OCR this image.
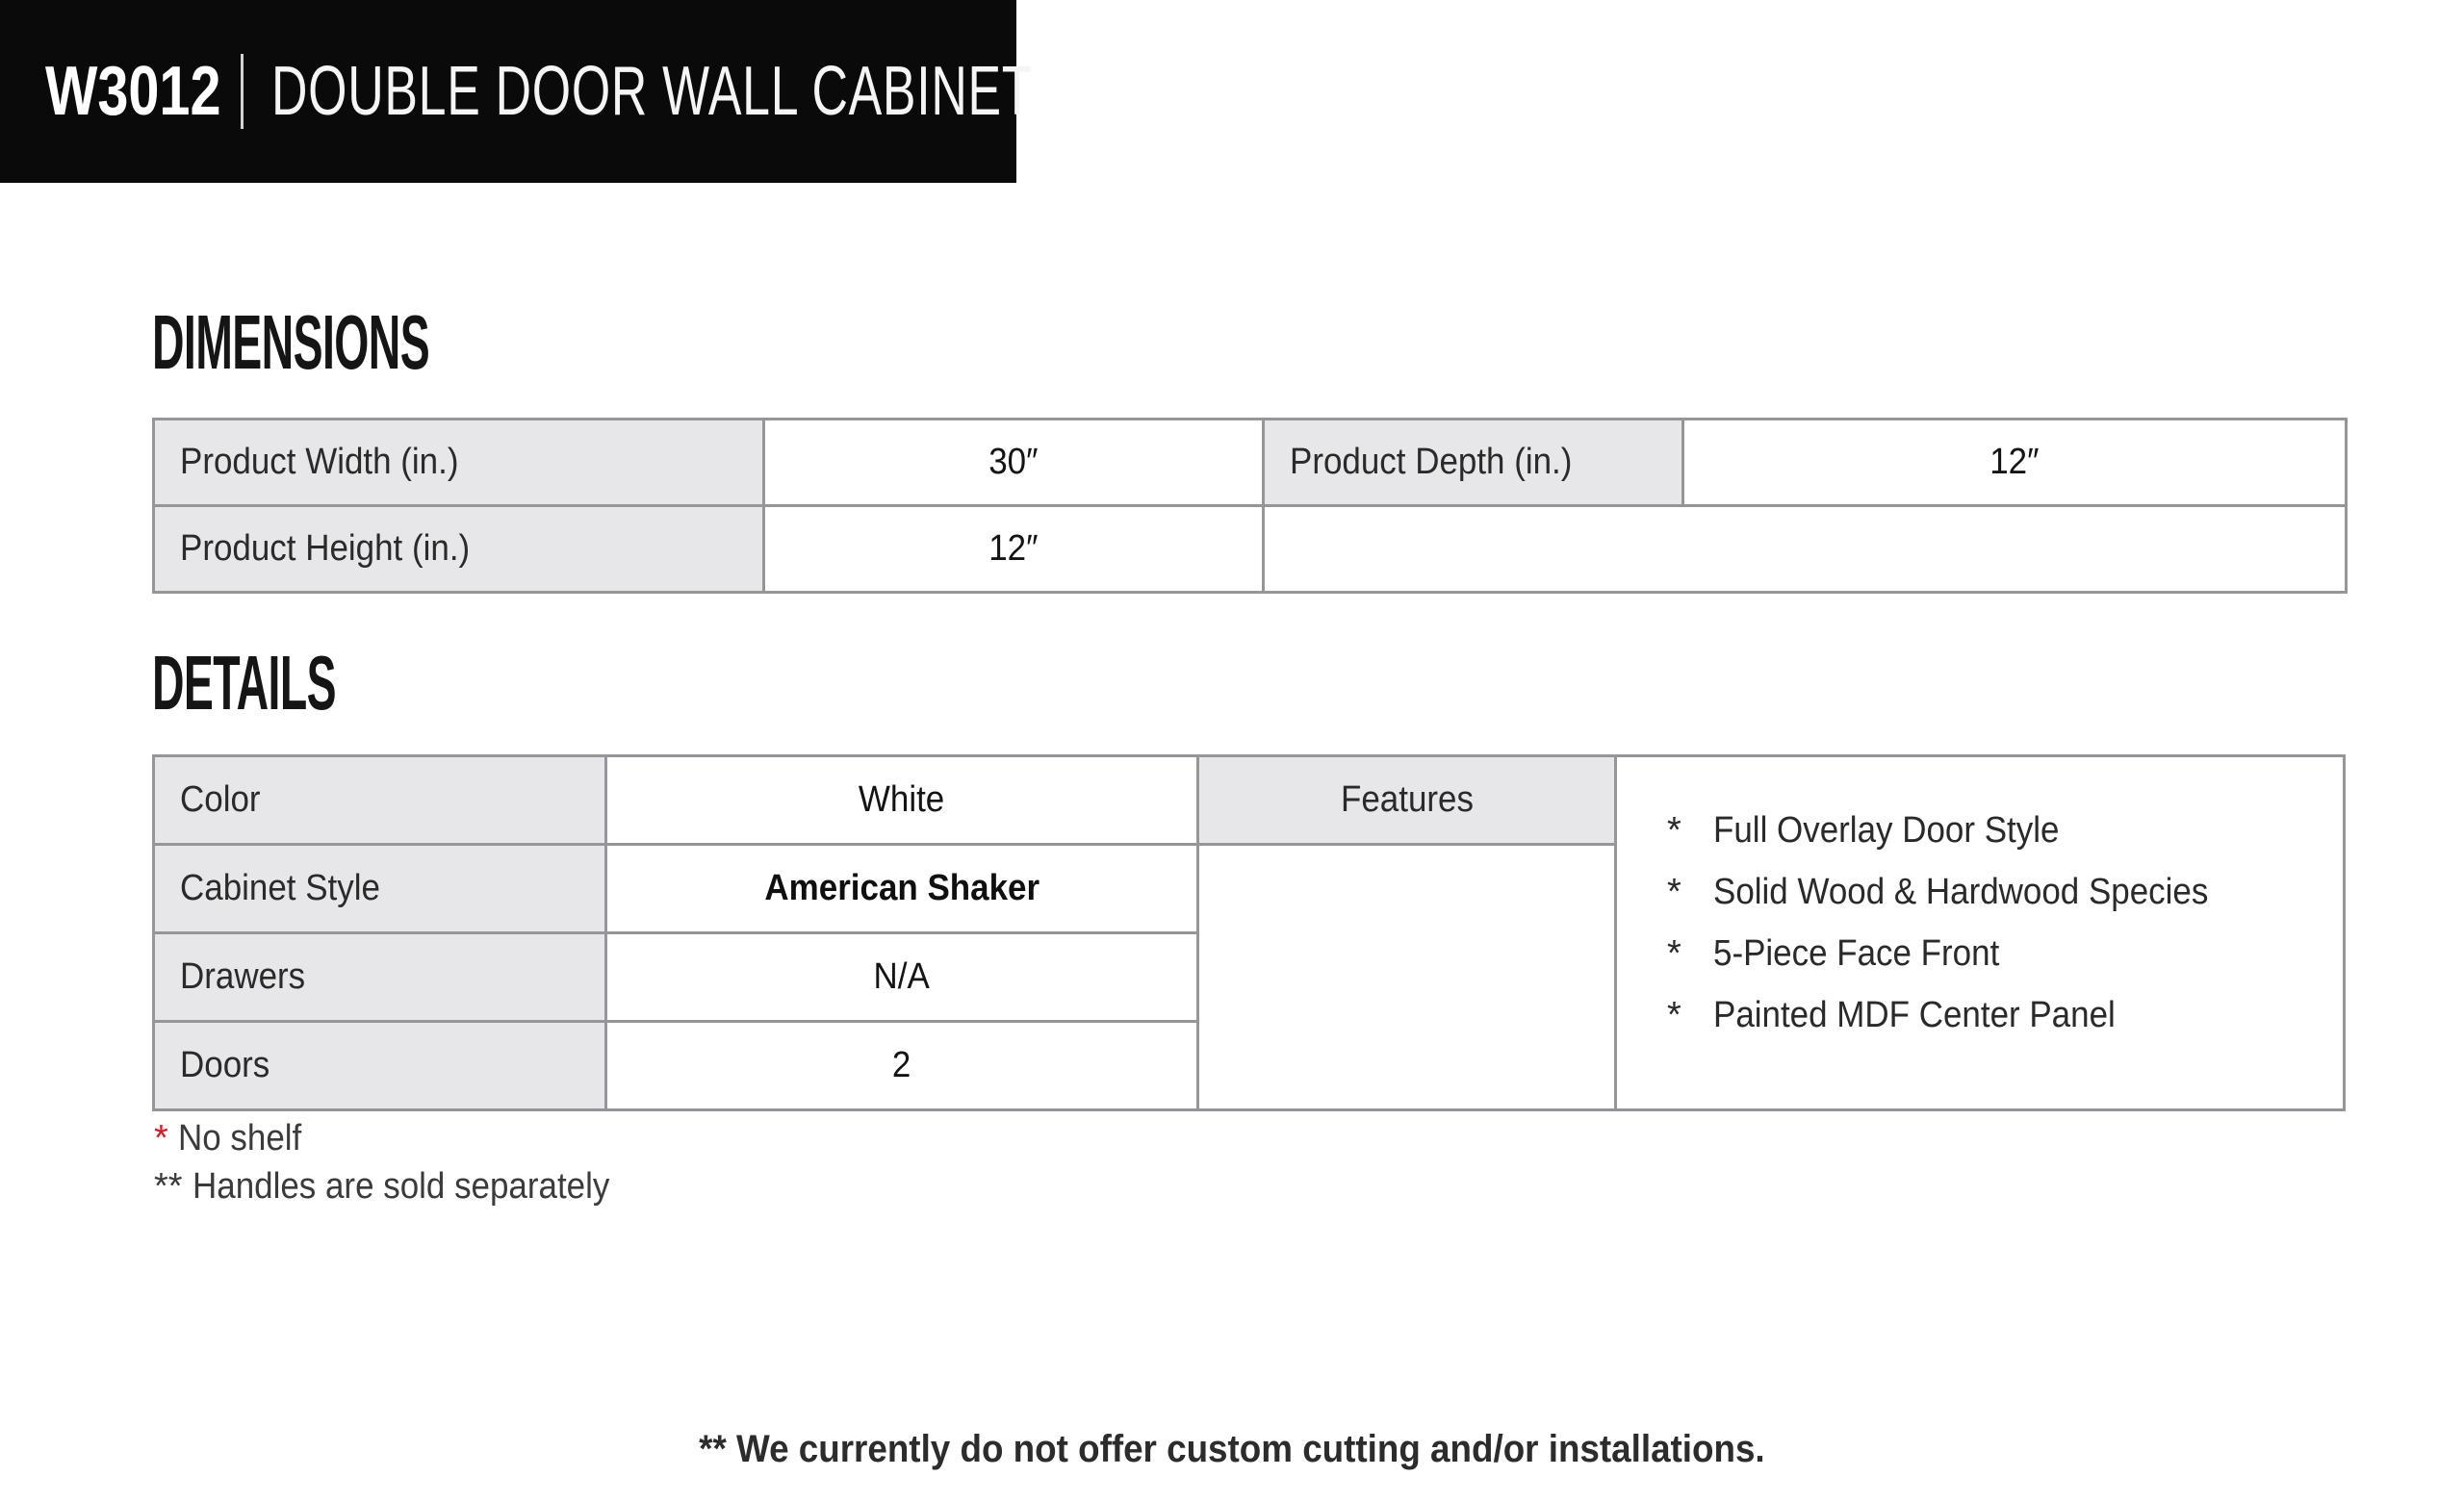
W3012 DOUBLE DOOR WALL CABINET
DIMENSIONS
Product Width (in.)	30″	Product Depth (in.)	12″
Product Height (in.)	12″		
DETAILS
Color	White	Features	* Full Overlay Door Style
* Solid Wood & Hardwood Species
* 5-Piece Face Front
* Painted MDF Center Panel

Cabinet Style	American Shaker		
Drawers	N/A		
Doors	2		
* No shelf
** Handles are sold separately
** We currently do not offer custom cutting and/or installations.
